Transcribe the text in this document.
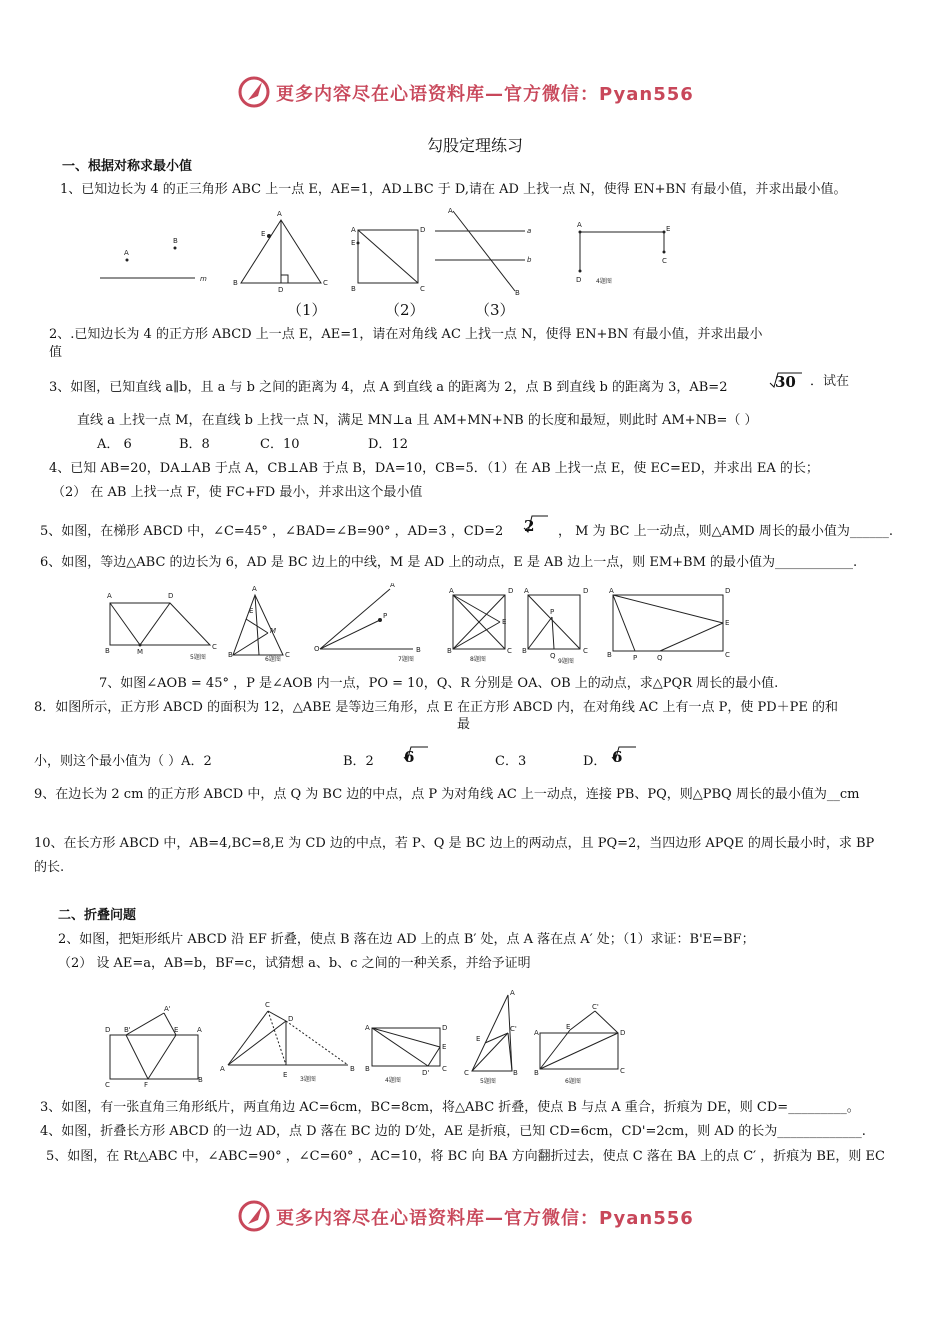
更多内容尽在心语资料库—官方微信：Pyan556
勾股定理练习
一、根据对称求最小值
1、已知边长为 4 的正三角形 ABC 上一点 E，AE=1，AD⊥BC 于 D,请在 AD 上找一点 N，使得 EN+BN 有最小值，并求出最小值。
A
B
m
A
E
B	C
D
A
E
D
B	C
A
a
b
B
A	E
D
C
4题图
（1）	（2）	（3）
2、.已知边长为 4 的正方形 ABCD 上一点 E，AE=1，请在对角线 AC 上找一点 N，使得 EN+BN 有最小值，并求出最小
值
3、如图，已知直线 a∥b，且 a 与 b 之间的距离为 4，点 A 到直线 a 的距离为 2，点 B 到直线 b 的距离为 3，AB=2	30 ．试在
直线 a 上找一点 M，在直线 b 上找一点 N，满足 MN⊥a 且 AM+MN+NB 的长度和最短，则此时 AM+NB=（ ）
A． 6	B．8	C．10	D．12
4、已知 AB=20，DA⊥AB 于点 A，CB⊥AB 于点 B，DA=10，CB=5．（1）在 AB 上找一点 E，使 EC=ED，并求出 EA 的长；
（2） 在 AB 上找一点 F，使 FC+FD 最小，并求出这个最小值
5、如图，在梯形 ABCD 中，∠C=45° ，∠BAD=∠B=90° ，AD=3 ，CD=2 2 ， M 为 BC 上一动点，则△AMD 周长的最小值为______.
6、如图，等边△ABC 的边长为 6，AD 是 BC 边上的中线，M 是 AD 上的动点，E 是 AB 边上一点，则 EM+BM 的最小值为____________.
A	D
B	M
C
5题图
A
E
M
B	C
6题图
O
P
A
B
7题图
A	D
E
B	C
8题图
A	D
P
B
Q
C
9题图
A	D
E
B	P	Q	C
7、如图∠AOB = 45° ，P 是∠AOB 内一点，PO = 10，Q、R 分别是 OA、OB 上的动点，求△PQR 周长的最小值.
8．如图所示，正方形 ABCD 的面积为 12，△ABE 是等边三角形，点 E 在正方形 ABCD 内，在对角线 AC 上有一点 P，使 PD＋PE 的和
最
小，则这个最小值为（ ）A．2	B．2 6	C．3	D． 6
9、在边长为 2 cm 的正方形 ABCD 中，点 Q 为 BC 边的中点，点 P 为对角线 AC 上一动点，连接 PB、PQ，则△PBQ 周长的最小值为__cm
10、在长方形 ABCD 中，AB=4,BC=8,E 为 CD 边的中点，若 P、Q 是 BC 边上的两动点，且 PQ=2，当四边形 APQE 的周长最小时，求 BP
的长.
二、折叠问题
2、如图，把矩形纸片 ABCD 沿 EF 折叠，使点 B 落在边 AD 上的点 B′ 处，点 A 落在点 A′ 处；（1）求证：B'E=BF；
（2） 设 AE=a，AB=b，BF=c，试猜想 a、b、c 之间的一种关系，并给予证明
D B'
A'
E	A
C	F
B
A
C
D
E
B
3题图
A	D
E
B	D' C
4题图
A
C'
E
C	B
5题图
A
E
C'
D
B	C
6题图
3、如图，有一张直角三角形纸片，两直角边 AC=6cm，BC=8cm，将△ABC 折叠，使点 B 与点 A 重合，折痕为 DE，则 CD=_________。
4、如图，折叠长方形 ABCD 的一边 AD，点 D 落在 BC 边的 D′处，AE 是折痕，已知 CD=6cm，CD'=2cm，则 AD 的长为_____________.
5、如图，在 Rt△ABC 中，∠ABC=90° ，∠C=60° ，AC=10，将 BC 向 BA 方向翻折过去，使点 C 落在 BA 上的点 C′ ，折痕为 BE，则 EC
更多内容尽在心语资料库—官方微信：Pyan556
